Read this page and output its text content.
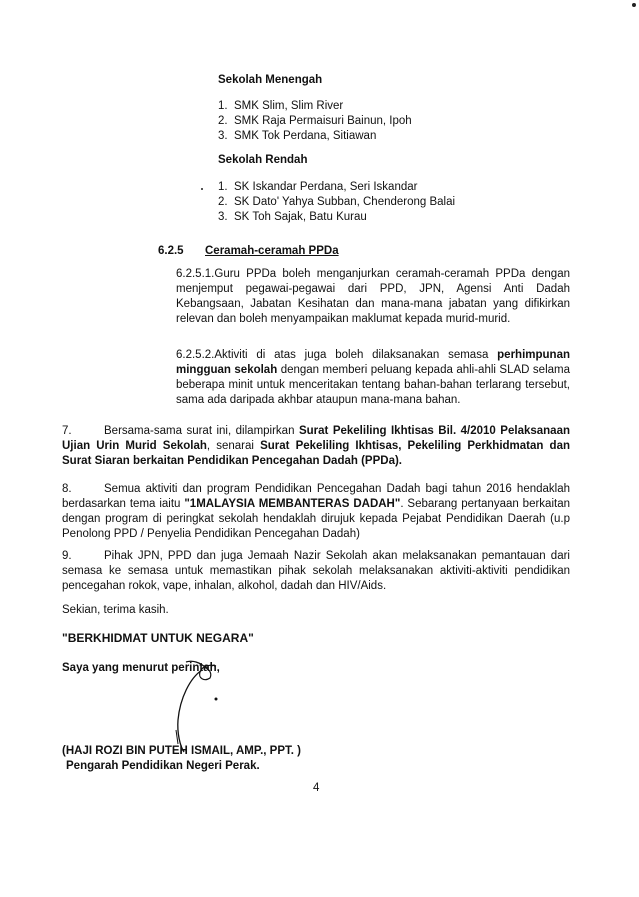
Sekolah Menengah
1. SMK Slim, Slim River
2. SMK Raja Permaisuri Bainun, Ipoh
3. SMK Tok Perdana, Sitiawan
Sekolah Rendah
1. SK Iskandar Perdana, Seri Iskandar
2. SK Dato' Yahya Subban, Chenderong Balai
3. SK Toh Sajak, Batu Kurau
6.2.5 Ceramah-ceramah PPDa
6.2.5.1. Guru PPDa boleh menganjurkan ceramah-ceramah PPDa dengan menjemput pegawai-pegawai dari PPD, JPN, Agensi Anti Dadah Kebangsaan, Jabatan Kesihatan dan mana-mana jabatan yang difikirkan relevan dan boleh menyampaikan maklumat kepada murid-murid.
6.2.5.2. Aktiviti di atas juga boleh dilaksanakan semasa perhimpunan mingguan sekolah dengan memberi peluang kepada ahli-ahli SLAD selama beberapa minit untuk menceritakan tentang bahan-bahan terlarang tersebut, sama ada daripada akhbar ataupun mana-mana bahan.
7.	Bersama-sama surat ini, dilampirkan Surat Pekeliling Ikhtisas Bil. 4/2010 Pelaksanaan Ujian Urin Murid Sekolah, senarai Surat Pekeliling Ikhtisas, Pekeliling Perkhidmatan dan Surat Siaran berkaitan Pendidikan Pencegahan Dadah (PPDa).
8.	Semua aktiviti dan program Pendidikan Pencegahan Dadah bagi tahun 2016 hendaklah berdasarkan tema iaitu "1MALAYSIA MEMBANTERAS DADAH". Sebarang pertanyaan berkaitan dengan program di peringkat sekolah hendaklah dirujuk kepada Pejabat Pendidikan Daerah (u.p Penolong PPD / Penyelia Pendidikan Pencegahan Dadah)
9.	Pihak JPN, PPD dan juga Jemaah Nazir Sekolah akan melaksanakan pemantauan dari semasa ke semasa untuk memastikan pihak sekolah melaksanakan aktiviti-aktiviti pendidikan pencegahan rokok, vape, inhalan, alkohol, dadah dan HIV/Aids.
Sekian, terima kasih.
"BERKHIDMAT UNTUK NEGARA"
Saya yang menurut perintah,
(HAJI ROZI BIN PUTEH ISMAIL, AMP., PPT. )
Pengarah Pendidikan Negeri Perak.
4
